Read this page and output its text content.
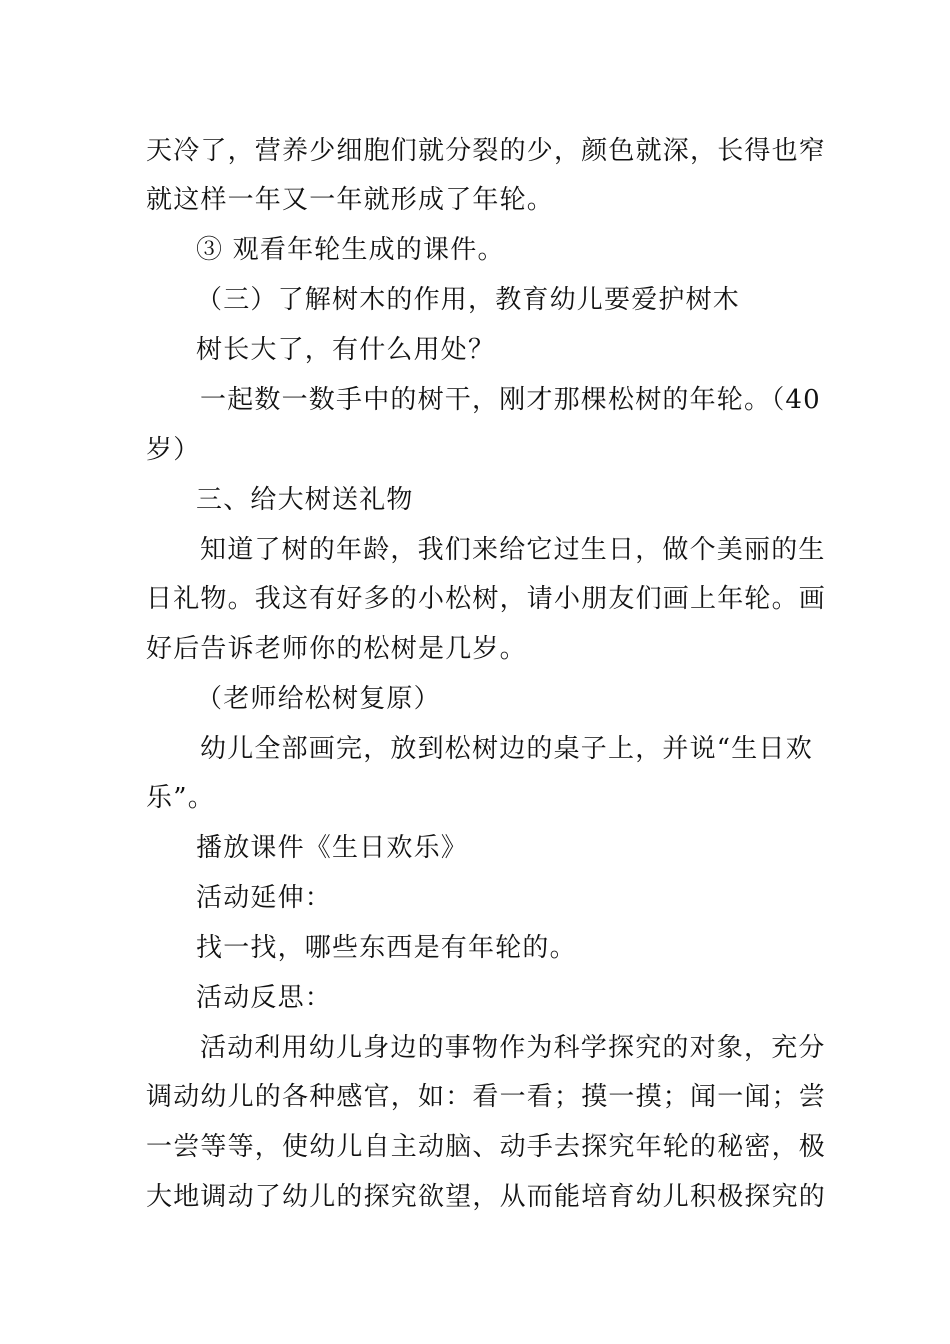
天冷了，营养少细胞们就分裂的少，颜色就深，长得也窄
就这样一年又一年就形成了年轮。
③ 观看年轮生成的课件。
（三）了解树木的作用，教育幼儿要爱护树木
树长大了，有什么用处？
一起数一数手中的树干，刚才那棵松树的年轮。（40
岁）
三、给大树送礼物
知道了树的年龄，我们来给它过生日，做个美丽的生
日礼物。我这有好多的小松树，请小朋友们画上年轮。画
好后告诉老师你的松树是几岁。
（老师给松树复原）
幼儿全部画完，放到松树边的桌子上，并说“生日欢
乐”。
播放课件《生日欢乐》
活动延伸：
找一找，哪些东西是有年轮的。
活动反思：
活动利用幼儿身边的事物作为科学探究的对象，充分
调动幼儿的各种感官，如：看一看；摸一摸；闻一闻；尝
一尝等等，使幼儿自主动脑、动手去探究年轮的秘密，极
大地调动了幼儿的探究欲望，从而能培育幼儿积极探究的
